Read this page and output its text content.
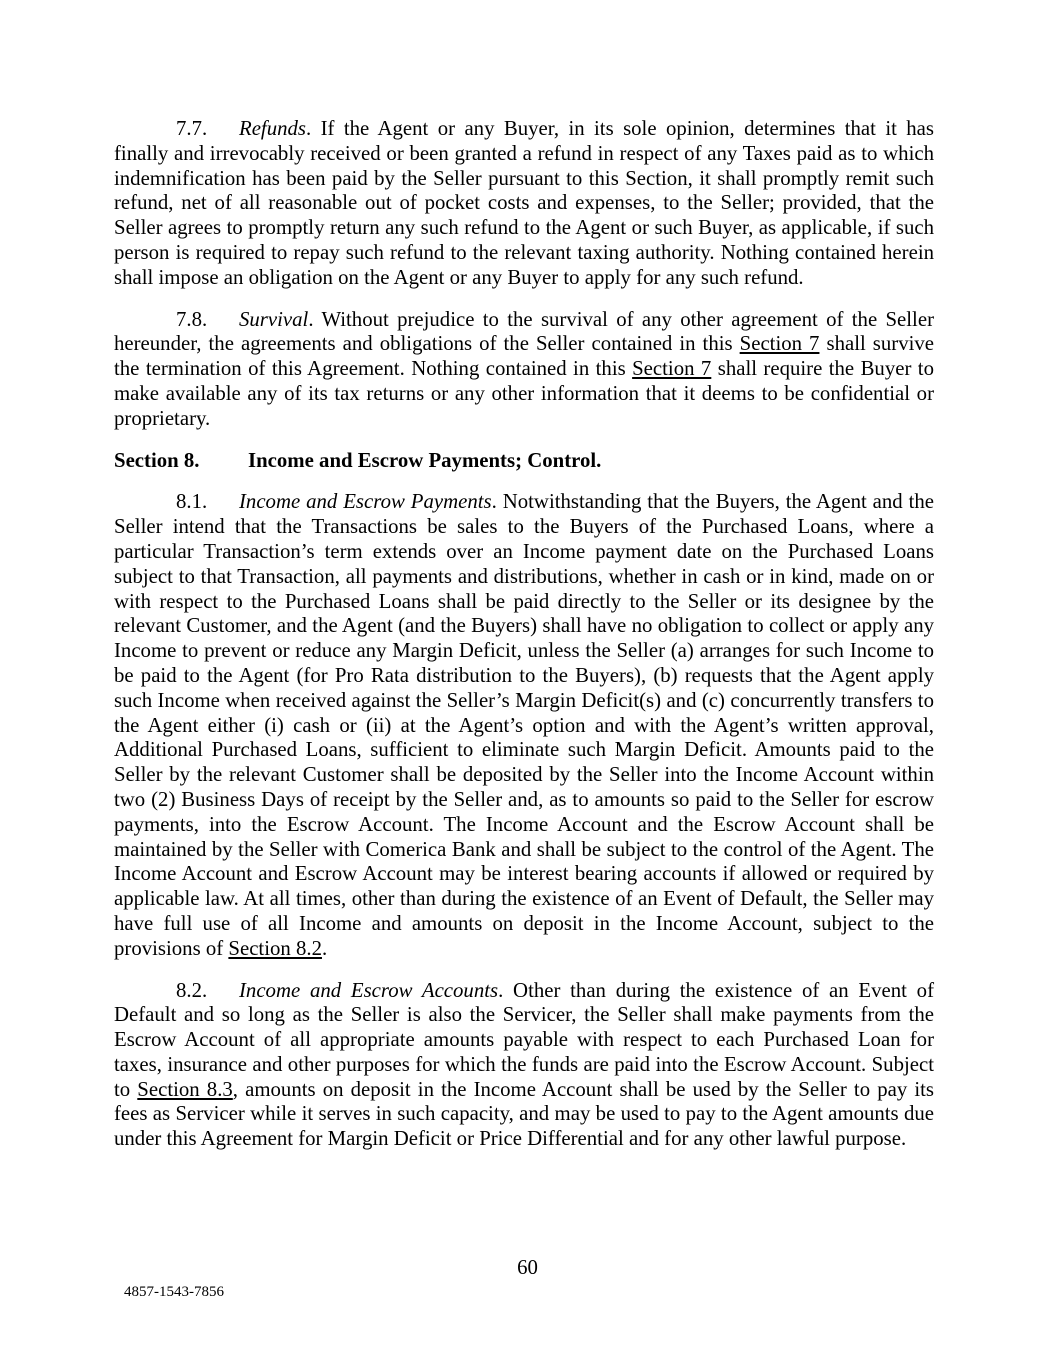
7.7. Refunds. If the Agent or any Buyer, in its sole opinion, determines that it has finally and irrevocably received or been granted a refund in respect of any Taxes paid as to which indemnification has been paid by the Seller pursuant to this Section, it shall promptly remit such refund, net of all reasonable out of pocket costs and expenses, to the Seller; provided, that the Seller agrees to promptly return any such refund to the Agent or such Buyer, as applicable, if such person is required to repay such refund to the relevant taxing authority. Nothing contained herein shall impose an obligation on the Agent or any Buyer to apply for any such refund.

7.8. Survival. Without prejudice to the survival of any other agreement of the Seller hereunder, the agreements and obligations of the Seller contained in this Section 7 shall survive the termination of this Agreement. Nothing contained in this Section 7 shall require the Buyer to make available any of its tax returns or any other information that it deems to be confidential or proprietary.

Section 8. Income and Escrow Payments; Control.

8.1. Income and Escrow Payments. Notwithstanding that the Buyers, the Agent and the Seller intend that the Transactions be sales to the Buyers of the Purchased Loans, where a particular Transaction’s term extends over an Income payment date on the Purchased Loans subject to that Transaction, all payments and distributions, whether in cash or in kind, made on or with respect to the Purchased Loans shall be paid directly to the Seller or its designee by the relevant Customer, and the Agent (and the Buyers) shall have no obligation to collect or apply any Income to prevent or reduce any Margin Deficit, unless the Seller (a) arranges for such Income to be paid to the Agent (for Pro Rata distribution to the Buyers), (b) requests that the Agent apply such Income when received against the Seller’s Margin Deficit(s) and (c) concurrently transfers to the Agent either (i) cash or (ii) at the Agent’s option and with the Agent’s written approval, Additional Purchased Loans, sufficient to eliminate such Margin Deficit. Amounts paid to the Seller by the relevant Customer shall be deposited by the Seller into the Income Account within two (2) Business Days of receipt by the Seller and, as to amounts so paid to the Seller for escrow payments, into the Escrow Account. The Income Account and the Escrow Account shall be maintained by the Seller with Comerica Bank and shall be subject to the control of the Agent. The Income Account and Escrow Account may be interest bearing accounts if allowed or required by applicable law. At all times, other than during the existence of an Event of Default, the Seller may have full use of all Income and amounts on deposit in the Income Account, subject to the provisions of Section 8.2.

8.2. Income and Escrow Accounts. Other than during the existence of an Event of Default and so long as the Seller is also the Servicer, the Seller shall make payments from the Escrow Account of all appropriate amounts payable with respect to each Purchased Loan for taxes, insurance and other purposes for which the funds are paid into the Escrow Account. Subject to Section 8.3, amounts on deposit in the Income Account shall be used by the Seller to pay its fees as Servicer while it serves in such capacity, and may be used to pay to the Agent amounts due under this Agreement for Margin Deficit or Price Differential and for any other lawful purpose.

60
4857-1543-7856
